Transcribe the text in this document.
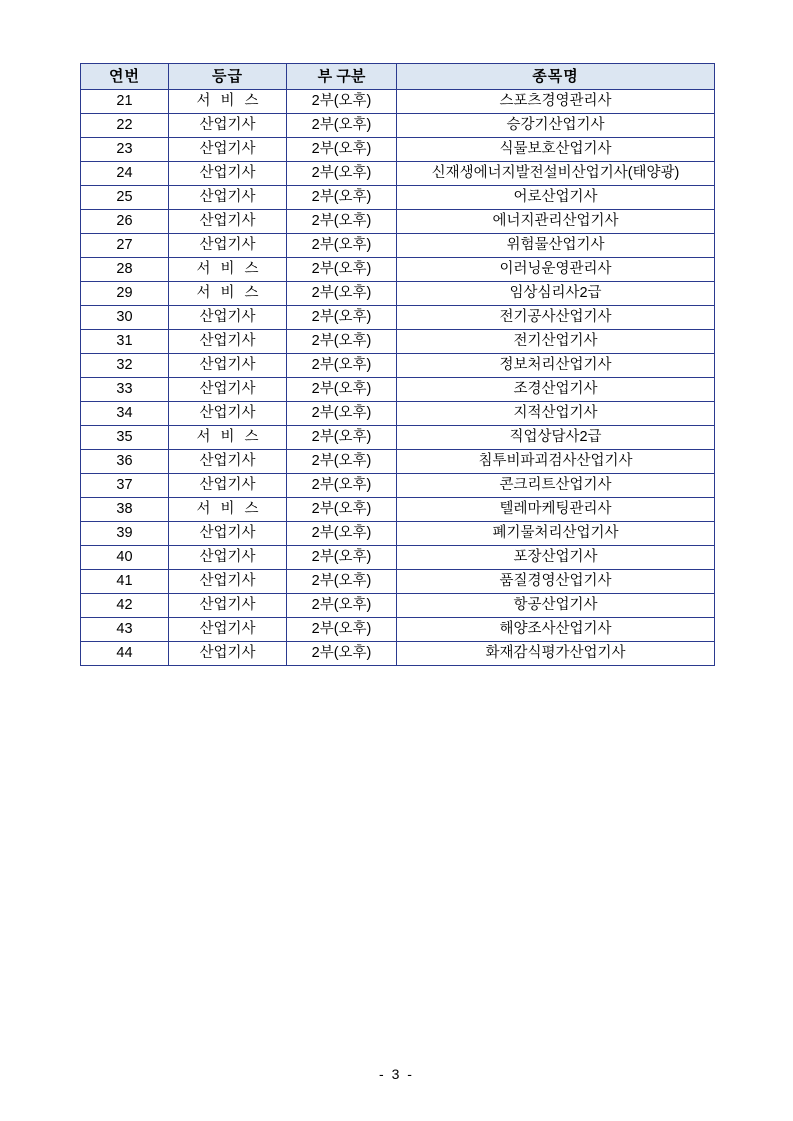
연번	등급	부 구분	종목명
21	서 비 스	2부(오후)	스포츠경영관리사
22	산업기사	2부(오후)	승강기산업기사
23	산업기사	2부(오후)	식물보호산업기사
24	산업기사	2부(오후)	신재생에너지발전설비산업기사(태양광)
25	산업기사	2부(오후)	어로산업기사
26	산업기사	2부(오후)	에너지관리산업기사
27	산업기사	2부(오후)	위험물산업기사
28	서 비 스	2부(오후)	이러닝운영관리사
29	서 비 스	2부(오후)	임상심리사2급
30	산업기사	2부(오후)	전기공사산업기사
31	산업기사	2부(오후)	전기산업기사
32	산업기사	2부(오후)	정보처리산업기사
33	산업기사	2부(오후)	조경산업기사
34	산업기사	2부(오후)	지적산업기사
35	서 비 스	2부(오후)	직업상담사2급
36	산업기사	2부(오후)	침투비파괴검사산업기사
37	산업기사	2부(오후)	콘크리트산업기사
38	서 비 스	2부(오후)	텔레마케팅관리사
39	산업기사	2부(오후)	폐기물처리산업기사
40	산업기사	2부(오후)	포장산업기사
41	산업기사	2부(오후)	품질경영산업기사
42	산업기사	2부(오후)	항공산업기사
43	산업기사	2부(오후)	해양조사산업기사
44	산업기사	2부(오후)	화재감식평가산업기사
- 3 -
